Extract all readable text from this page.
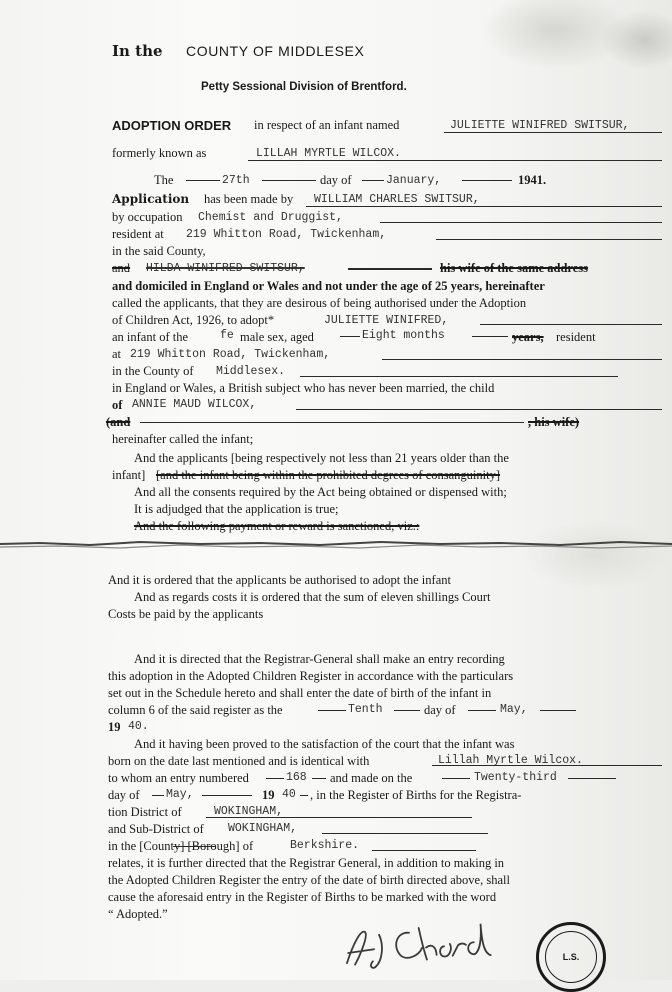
In the COUNTY OF MIDDLESEX
Petty Sessional Division of Brentford.
ADOPTION ORDER in respect of an infant named	JULIETTE WINIFRED SWITSUR,
formerly known as	LILLAH MYRTLE WILCOX.
The	27th	day of	January,	1941.
Application has been made by WILLIAM CHARLES SWITSUR,
by occupation Chemist and Druggist,
resident at 219 Whitton Road, Twickenham,
in the said County,
and HILDA WINIFRED SWITSUR,	his wife of the same address
and domiciled in England or Wales and not under the age of 25 years, hereinafter
called the applicants, that they are desirous of being authorised under the Adoption
of Children Act, 1926, to adopt*	JULIETTE WINIFRED,
an infant of the	fe male sex, aged	Eight months	years, resident
at 219 Whitton Road, Twickenham,
in the County of Middlesex.
in England or Wales, a British subject who has never been married, the child
of ANNIE MAUD WILCOX,
(and	, his wife)
hereinafter called the infant;
And the applicants [being respectively not less than 21 years older than the
infant] [and the infant being within the prohibited degrees of consanguinity]
And all the consents required by the Act being obtained or dispensed with;
It is adjudged that the application is true;
And the following payment or reward is sanctioned, viz.:
And it is ordered that the applicants be authorised to adopt the infant
And as regards costs it is ordered that the sum of eleven shillings Court
Costs be paid by the applicants
And it is directed that the Registrar-General shall make an entry recording
this adoption in the Adopted Children Register in accordance with the particulars
set out in the Schedule hereto and shall enter the date of birth of the infant in
column 6 of the said register as the	Tenth	day of	May,
19 40.
And it having been proved to the satisfaction of the court that the infant was
born on the date last mentioned and is identical with	Lillah Myrtle Wilcox.
to whom an entry numbered	168 and made on the	Twenty-third
day of May,	19 40 , in the Register of Births for the Registra-
tion District of	WOKINGHAM,
and Sub-District of WOKINGHAM,
in the [County] [Borough] of	Berkshire.
relates, it is further directed that the Registrar General, in addition to making in
the Adopted Children Register the entry of the date of birth directed above, shall
cause the aforesaid entry in the Register of Births to be marked with the word
“ Adopted.”
L.S.
